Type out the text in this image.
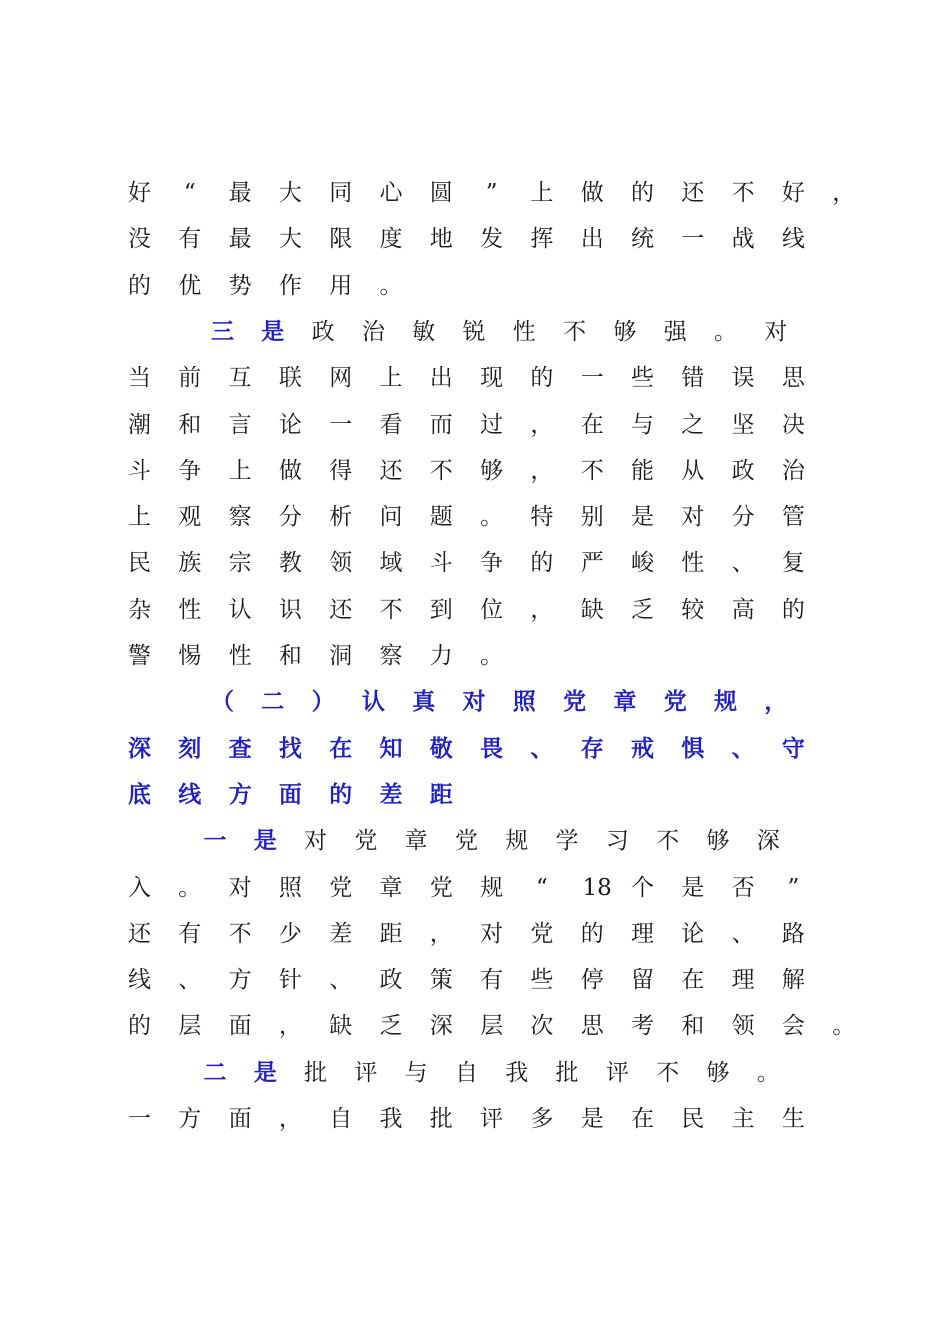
好	“	最 大 同 心 圆	”	上 做 的 还 不 好 ，
没 有 最 大 限 度 地 发 挥 出 统 一 战 线
的 优 势 作 用 。
三 是 政 治 敏 锐 性 不 够 强 。 对
当 前 互 联 网 上 出 现 的 一 些 错 误 思
潮 和 言 论 一 看 而 过 ， 在 与 之 坚 决
斗 争 上 做 得 还 不 够 ， 不 能 从 政 治
上 观 察 分 析 问 题 。 特 别 是 对 分 管
民 族 宗 教 领 域 斗 争 的 严 峻 性 、 复
杂 性 认 识 还 不 到 位 ， 缺 乏 较 高 的
警 惕 性 和 洞 察 力 。
（ 二 ） 认 真 对 照 党 章 党 规 ，
深 刻 查 找 在 知 敬 畏 、 存 戒 惧 、 守
底 线 方 面 的 差 距
一 是 对 党 章 党 规 学 习 不 够 深
入 。 对 照 党 章 党 规	“	18 个 是 否	”
还 有 不 少 差 距 ， 对 党 的 理 论 、 路
线 、 方 针 、 政 策 有 些 停 留 在 理 解
的 层 面 ， 缺 乏 深 层 次 思 考 和 领 会 。
二 是 批 评 与 自 我 批 评 不 够 。
一 方 面 ， 自 我 批 评 多 是 在 民 主 生
